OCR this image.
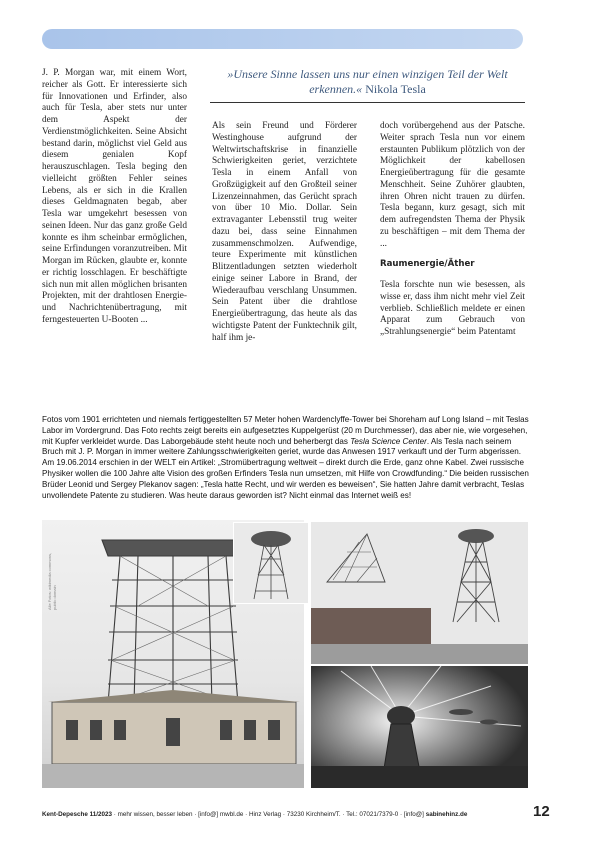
J. P. Morgan war, mit einem Wort, reicher als Gott. Er interessierte sich für Innovationen und Erfinder, also auch für Tesla, aber stets nur unter dem Aspekt der Verdienstmöglichkeiten. Seine Absicht bestand darin, möglichst viel Geld aus diesem genialen Kopf herauszuschlagen. Tesla beging den vielleicht größten Fehler seines Lebens, als er sich in die Krallen dieses Geldmagnaten begab, aber Tesla war umgekehrt besessen von seinen Ideen. Nur das ganz große Geld konnte es ihm scheinbar ermöglichen, seine Erfindungen voranzutreiben. Mit Morgan im Rücken, glaubte er, konnte er richtig losschlagen. Er beschäftigte sich nun mit allen möglichen brisanten Projekten, mit der drahtlosen Energie- und Nachrichtenübertragung, mit ferngesteuerten U-Booten ...

»Unsere Sinne lassen uns nur einen winzigen Teil der Welt erkennen.« Nikola Tesla

Als sein Freund und Förderer Westinghouse aufgrund der Weltwirtschaftskrise in finanzielle Schwierigkeiten geriet, verzichtete Tesla in einem Anfall von Großzügigkeit auf den Großteil seiner Lizenzeinnahmen, das Gerücht sprach von über 10 Mio. Dollar. Sein extravaganter Lebensstil trug weiter dazu bei, dass seine Einnahmen zusammenschmolzen. Aufwendige, teure Experimente mit künstlichen Blitzentladungen setzten wiederholt einige seiner Labore in Brand, der Wiederaufbau verschlang Unsummen. Sein Patent über die drahtlose Energieübertragung, das heute als das wichtigste Patent der Funktechnik gilt, half ihm je-

doch vorübergehend aus der Patsche. Weiter sprach Tesla nun vor einem erstaunten Publikum plötzlich von der Möglichkeit der kabellosen Energieübertragung für die gesamte Menschheit. Seine Zuhörer glaubten, ihren Ohren nicht trauen zu dürfen. Tesla begann, kurz gesagt, sich mit dem aufregendsten Thema der Physik zu beschäftigen – mit dem Thema der ...

Raumenergie/Äther

Tesla forschte nun wie besessen, als wisse er, dass ihm nicht mehr viel Zeit verblieb. Schließlich meldete er einen Apparat zum Gebrauch von „Strahlungsenergie“ beim Patentamt

Fotos vom 1901 errichteten und niemals fertiggestellten 57 Meter hohen Wardenclyffe-Tower bei Shoreham auf Long Island – mit Teslas Labor im Vordergrund. Das Foto rechts zeigt bereits ein aufgesetztes Kuppelgerüst (20 m Durchmesser), das aber nie, wie vorgesehen, mit Kupfer verkleidet wurde. Das Laborgebäude steht heute noch und beherbergt das Tesla Science Center. Als Tesla nach seinem Bruch mit J. P. Morgan in immer weitere Zahlungsschwierigkeiten geriet, wurde das Anwesen 1917 verkauft und der Turm abgerissen. Am 19.06.2014 erschien in der WELT ein Artikel: „Stromübertragung weltweit – direkt durch die Erde, ganz ohne Kabel. Zwei russische Physiker wollen die 100 Jahre alte Vision des großen Erfinders Tesla nun umsetzen, mit Hilfe von Crowdfunding.“ Die beiden russischen Brüder Leonid und Sergey Plekanov sagen: „Tesla hatte Recht, und wir werden es beweisen“, Sie hatten Jahre damit verbracht, Teslas unvollendete Patente zu studieren. Was heute daraus geworden ist? Nicht einmal das Internet weiß es!

Alle Fotos: wikimedia commons, public domain
Kent-Depesche 11/2023 · mehr wissen, besser leben · [info@] mwbl.de · Hinz Verlag · 73230 Kirchheim/T. · Tel.: 07021/7379-0 · [info@] sabinehinz.de	12
